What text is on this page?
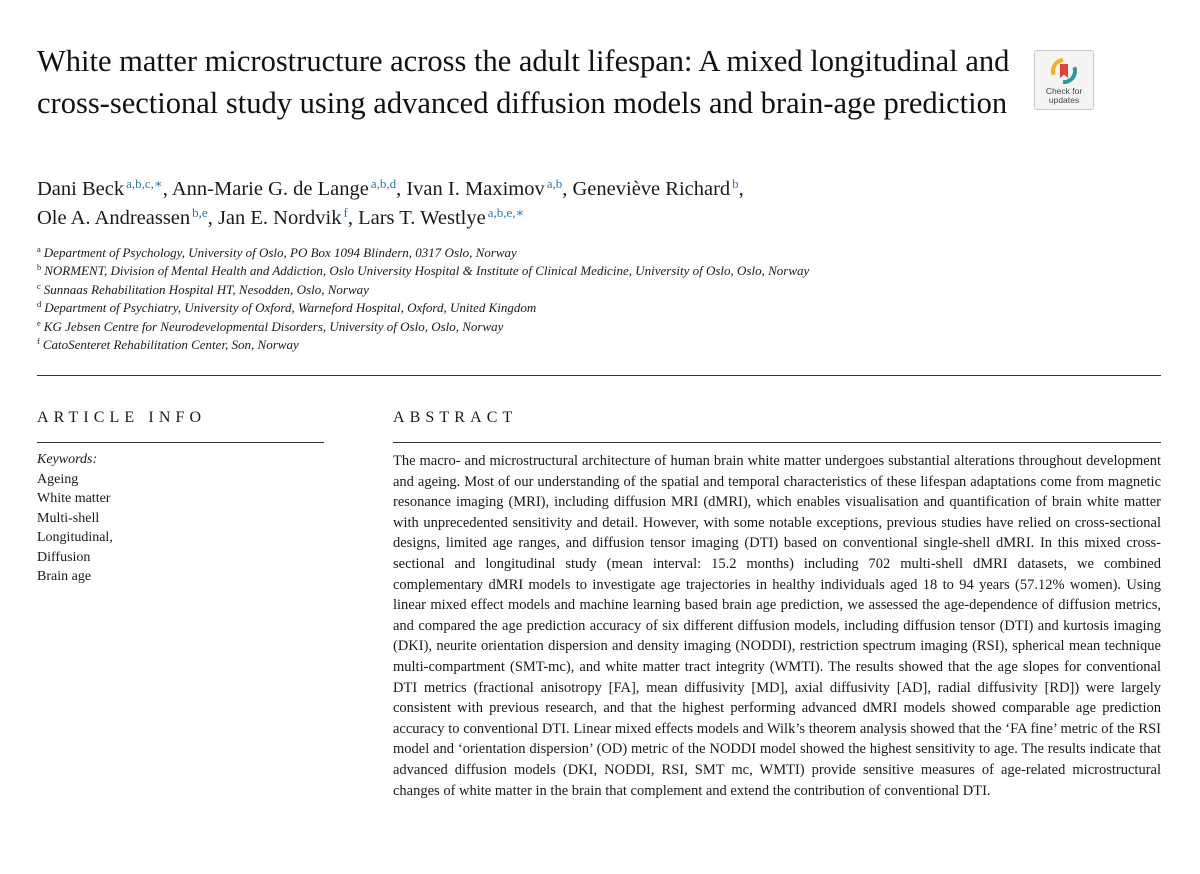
White matter microstructure across the adult lifespan: A mixed longitudinal and cross-sectional study using advanced diffusion models and brain-age prediction	Check for
updates
Dani Beck $^{a,b,c,∗}$, Ann-Marie G. de Lange $^{a,b,d}$, Ivan I. Maximov $^{a,b}$, Geneviève Richard $^b$,
Ole A. Andreassen $^{b,e}$, Jan E. Nordvik $^f$, Lars T. Westlye $^{a,b,e,∗}$
$^a$ Department of Psychology, University of Oslo, PO Box 1094 Blindern, 0317 Oslo, Norway
$^b$ NORMENT, Division of Mental Health and Addiction, Oslo University Hospital & Institute of Clinical Medicine, University of Oslo, Oslo, Norway
$^c$ Sunnaas Rehabilitation Hospital HT, Nesodden, Oslo, Norway
$^d$ Department of Psychiatry, University of Oxford, Warneford Hospital, Oxford, United Kingdom
$^e$ KG Jebsen Centre for Neurodevelopmental Disorders, University of Oslo, Oslo, Norway
$^f$ CatoSenteret Rehabilitation Center, Son, Norway
ARTICLE INFO	ABSTRACT
Keywords:
Ageing
White matter
Multi-shell
Longitudinal,
Diffusion
Brain age

The macro- and microstructural architecture of human brain white matter undergoes substantial alterations throughout development and ageing. Most of our understanding of the spatial and temporal characteristics of these lifespan adaptations come from magnetic resonance imaging (MRI), including diffusion MRI (dMRI), which enables visualisation and quantification of brain white matter with unprecedented sensitivity and detail. However, with some notable exceptions, previous studies have relied on cross-sectional designs, limited age ranges, and diffusion tensor imaging (DTI) based on conventional single-shell dMRI. In this mixed cross-sectional and longitudinal study (mean interval: 15.2 months) including 702 multi-shell dMRI datasets, we combined complementary dMRI models to investigate age trajectories in healthy individuals aged 18 to 94 years (57.12% women). Using linear mixed effect models and machine learning based brain age prediction, we assessed the age-dependence of diffusion metrics, and compared the age prediction accuracy of six different diffusion models, including diffusion tensor (DTI) and kurtosis imaging (DKI), neurite orientation dispersion and density imaging (NODDI), restriction spectrum imaging (RSI), spherical mean technique multi-compartment (SMT-mc), and white matter tract integrity (WMTI). The results showed that the age slopes for conventional DTI metrics (fractional anisotropy [FA], mean diffusivity [MD], axial diffusivity [AD], radial diffusivity [RD]) were largely consistent with previous research, and that the highest performing advanced dMRI models showed comparable age prediction accuracy to conventional DTI. Linear mixed effects models and Wilk’s theorem analysis showed that the ‘FA fine’ metric of the RSI model and ‘orientation dispersion’ (OD) metric of the NODDI model showed the highest sensitivity to age. The results indicate that advanced diffusion models (DKI, NODDI, RSI, SMT mc, WMTI) provide sensitive measures of age-related microstructural changes of white matter in the brain that complement and extend the contribution of conventional DTI.
